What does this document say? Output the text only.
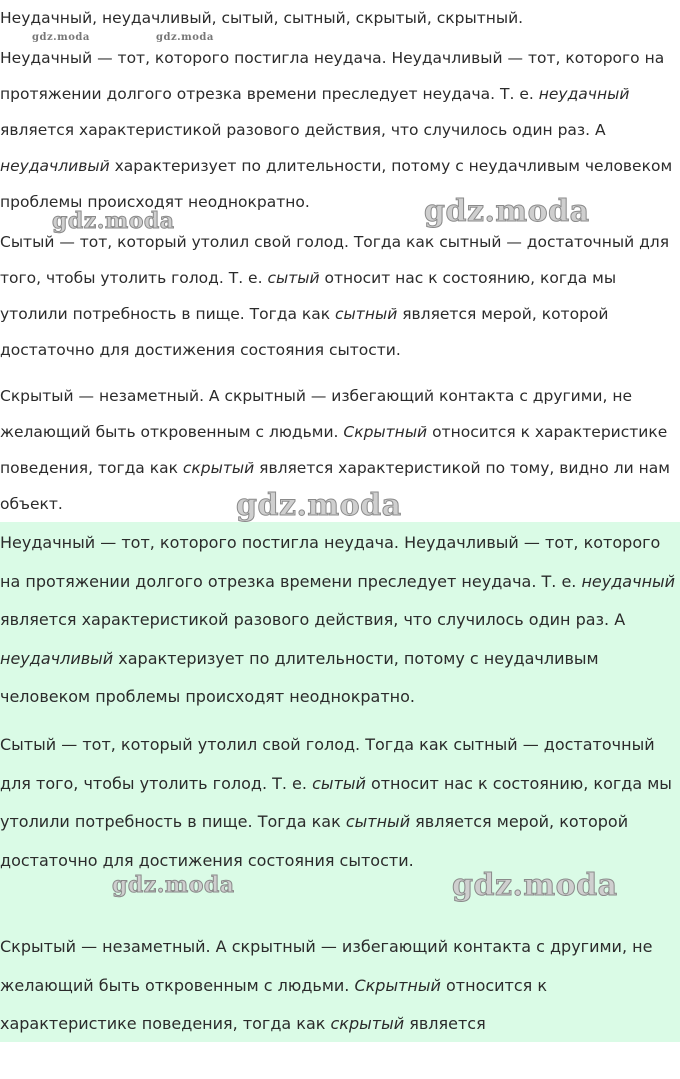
Неудачный, неудачливый, сытый, сытный, скрытый, скрытный.

Неудачный — тот, которого постигла неудача. Неудачливый — тот, которого на протяжении долгого отрезка времени преследует неудача. Т. е. неудачный является характеристикой разового действия, что случилось один раз. А неудачливый характеризует по длительности, потому с неудачливым человеком проблемы происходят неоднократно.

Сытый — тот, который утолил свой голод. Тогда как сытный — достаточный для того, чтобы утолить голод. Т. е. сытый относит нас к состоянию, когда мы утолили потребность в пище. Тогда как сытный является мерой, которой достаточно для достижения состояния сытости.

Скрытый — незаметный. А скрытный — избегающий контакта с другими, не желающий быть откровенным с людьми. Скрытный относится к характеристике поведения, тогда как скрытый является характеристикой по тому, видно ли нам объект.

Неудачный — тот, которого постигла неудача. Неудачливый — тот, которого на протяжении долгого отрезка времени преследует неудача. Т. е. неудачный является характеристикой разового действия, что случилось один раз. А неудачливый характеризует по длительности, потому с неудачливым человеком проблемы происходят неоднократно.

Сытый — тот, который утолил свой голод. Тогда как сытный — достаточный для того, чтобы утолить голод. Т. е. сытый относит нас к состоянию, когда мы утолили потребность в пище. Тогда как сытный является мерой, которой достаточно для достижения состояния сытости.

Скрытый — незаметный. А скрытный — избегающий контакта с другими, не желающий быть откровенным с людьми. Скрытный относится к характеристике поведения, тогда как скрытый является

gdz.moda	gdz.moda
gdz.moda	gdz.moda
gdz.moda
gdz.moda	gdz.moda
